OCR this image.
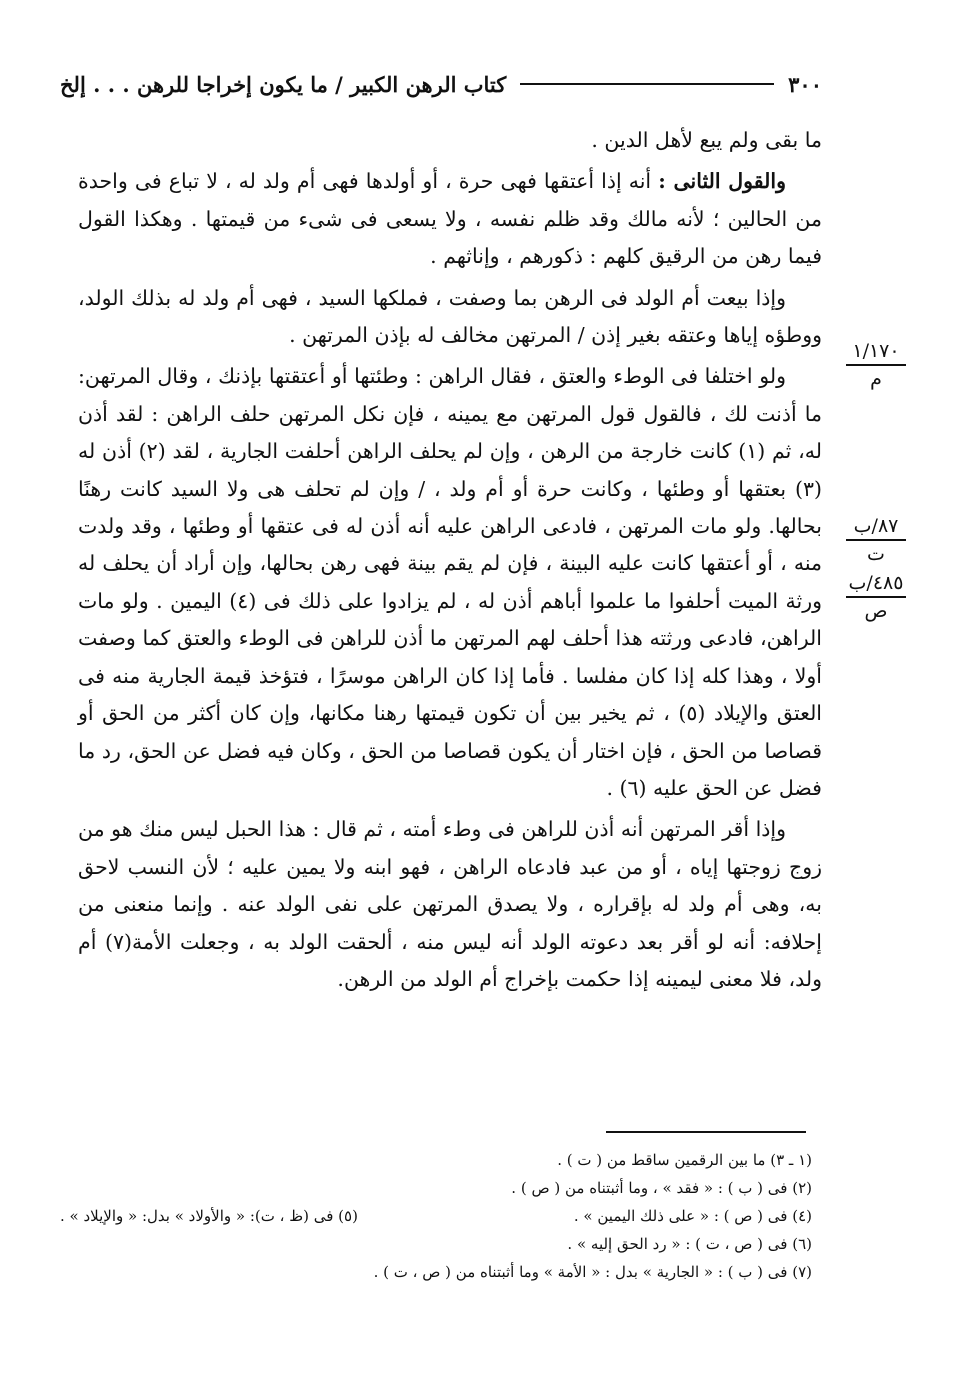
٣٠٠
كتاب الرهن الكبير / ما يكون إخراجا للرهن . . . إلخ

ما بقى ولم يبع لأهل الدين .

والقول الثانى : أنه إذا أعتقها فهى حرة ، أو أولدها فهى أم ولد له ، لا تباع فى واحدة من الحالين ؛ لأنه مالك وقد ظلم نفسه ، ولا يسعى فى شىء من قيمتها . وهكذا القول فيما رهن من الرقيق كلهم : ذكورهم ، وإناثهم .

وإذا بيعت أم الولد فى الرهن بما وصفت ، فملكها السيد ، فهى أم ولد له بذلك الولد، ووطؤه إياها وعتقه بغير إذن / المرتهن مخالف له بإذن المرتهن .

ولو اختلفا فى الوطء والعتق ، فقال الراهن : وطئتها أو أعتقتها بإذنك ، وقال المرتهن: ما أذنت لك ، فالقول قول المرتهن مع يمينه ، فإن نكل المرتهن حلف الراهن : لقد أذن له، ثم (١) كانت خارجة من الرهن ، وإن لم يحلف الراهن أحلفت الجارية ، لقد (٢) أذن له (٣) بعتقها أو وطئها ، وكانت حرة أو أم ولد ، / وإن لم تحلف هى ولا السيد كانت رهنًا بحالها. ولو مات المرتهن ، فادعى الراهن عليه أنه أذن له فى عتقها أو وطئها ، وقد ولدت منه ، أو أعتقها كانت عليه البينة ، فإن لم يقم بينة فهى رهن بحالها، وإن أراد أن يحلف له ورثة الميت أحلفوا ما علموا أباهم أذن له ، لم يزادوا على ذلك فى (٤) اليمين . ولو مات الراهن، فادعى ورثته هذا أحلف لهم المرتهن ما أذن للراهن فى الوطء والعتق كما وصفت أولا ، وهذا كله إذا كان مفلسا . فأما إذا كان الراهن موسرًا ، فتؤخذ قيمة الجارية منه فى العتق والإيلاد (٥) ، ثم يخير بين أن تكون قيمتها رهنا مكانها، وإن كان أكثر من الحق أو قصاصا من الحق ، فإن اختار أن يكون قصاصا من الحق ، وكان فيه فضل عن الحق، رد ما فضل عن الحق عليه (٦) .

وإذا أقر المرتهن أنه أذن للراهن فى وطء أمته ، ثم قال : هذا الحبل ليس منك هو من زوج زوجتها إياه ، أو من عبد فادعاه الراهن ، فهو ابنه ولا يمين عليه ؛ لأن النسب لاحق به، وهى أم ولد له بإقراره ، ولا يصدق المرتهن على نفى الولد عنه . وإنما منعنى من إحلافه: أنه لو أقر بعد دعوته الولد أنه ليس منه ، ألحقت الولد به ، وجعلت الأمة(٧) أم ولد، فلا معنى ليمينه إذا حكمت بإخراج أم الولد من الرهن.

١/١٧٠
م
٨٧/ب
ت
٤٨٥/ب
ص
(١ ـ ٣) ما بين الرقمين ساقط من ( ت ) .
(٢) فى ( ب ) : « فقد » ، وما أثبتناه من ( ص ) .
(٤) فى ( ص ) : « على ذلك اليمين » .
(٥) فى (ظ ، ت): « والأولاد » بدل: « والإيلاد » .
(٦) فى ( ص ، ت ) : « رد الحق إليه » .
(٧) فى ( ب ) : « الجارية » بدل : « الأمة » وما أثبتناه من ( ص ، ت ) .
